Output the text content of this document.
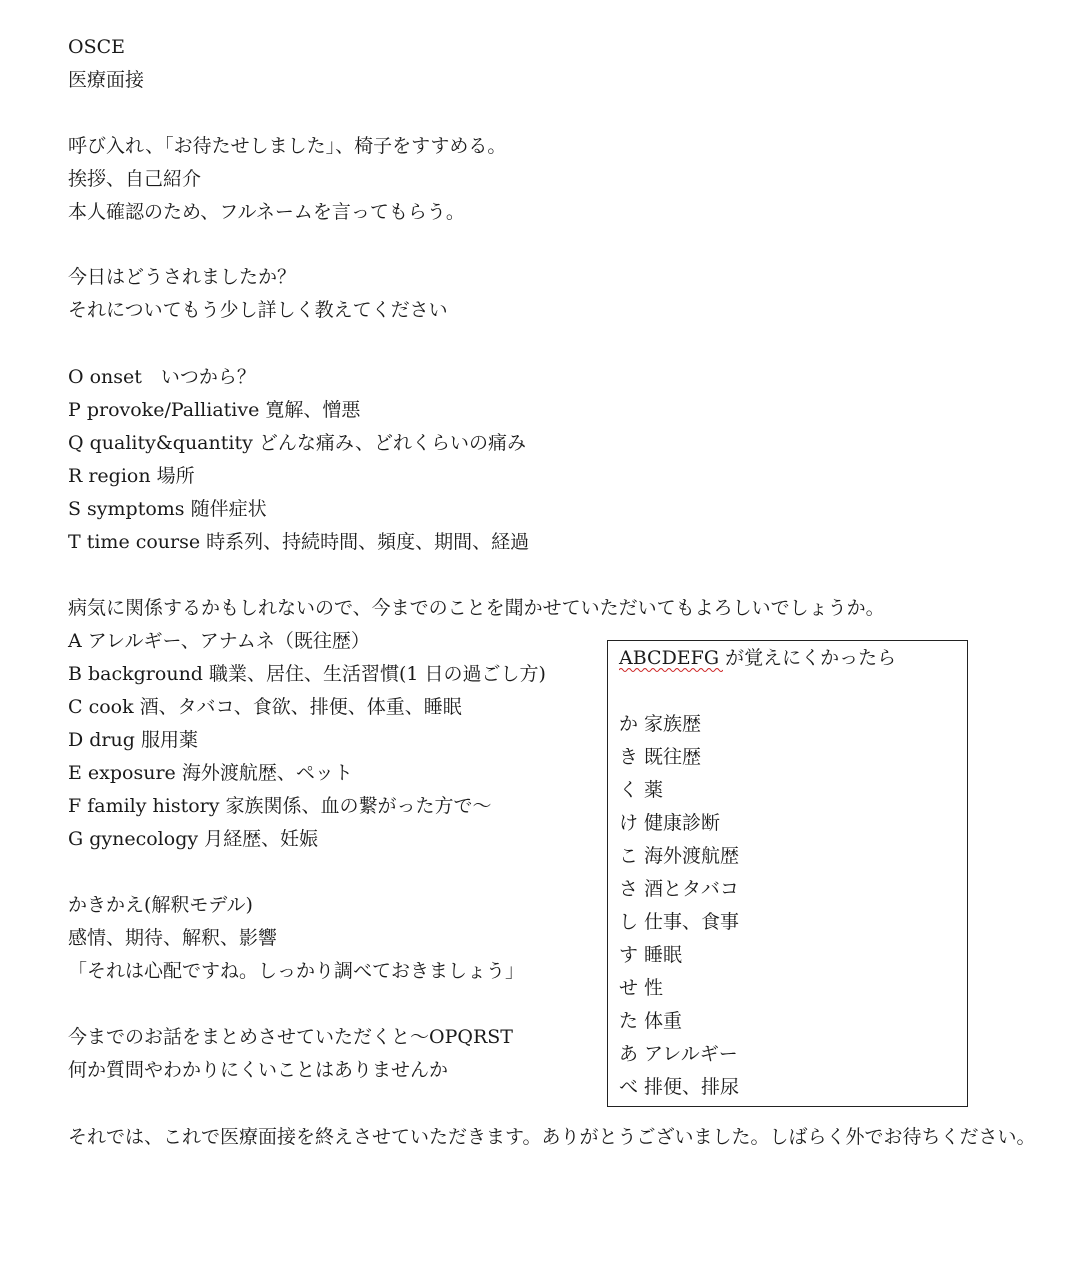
OSCE
医療面接
呼び入れ、「お待たせしました」、椅子をすすめる。
挨拶、自己紹介
本人確認のため、フルネームを言ってもらう。
今日はどうされましたか？
それについてもう少し詳しく教えてください
O onset　いつから？
P provoke/Palliative 寛解、憎悪
Q quality&quantity どんな痛み、どれくらいの痛み
R region 場所
S symptoms 随伴症状
T time course 時系列、持続時間、頻度、期間、経過
病気に関係するかもしれないので、今までのことを聞かせていただいてもよろしいでしょうか。
A アレルギー、アナムネ（既往歴）
B background 職業、居住、生活習慣(1 日の過ごし方)
C cook 酒、タバコ、食欲、排便、体重、睡眠
D drug 服用薬
E exposure 海外渡航歴、ペット
F family history 家族関係、血の繋がった方で〜
G gynecology 月経歴、妊娠
かきかえ(解釈モデル)
感情、期待、解釈、影響
「それは心配ですね。しっかり調べておきましょう」
今までのお話をまとめさせていただくと〜OPQRST
何か質問やわかりにくいことはありませんか
それでは、これで医療面接を終えさせていただきます。ありがとうございました。しばらく外でお待ちください。
ABCDEFG が覚えにくかったら
か 家族歴
き 既往歴
く 薬
け 健康診断
こ 海外渡航歴
さ 酒とタバコ
し 仕事、食事
す 睡眠
せ 性
た 体重
あ アレルギー
べ 排便、排尿
